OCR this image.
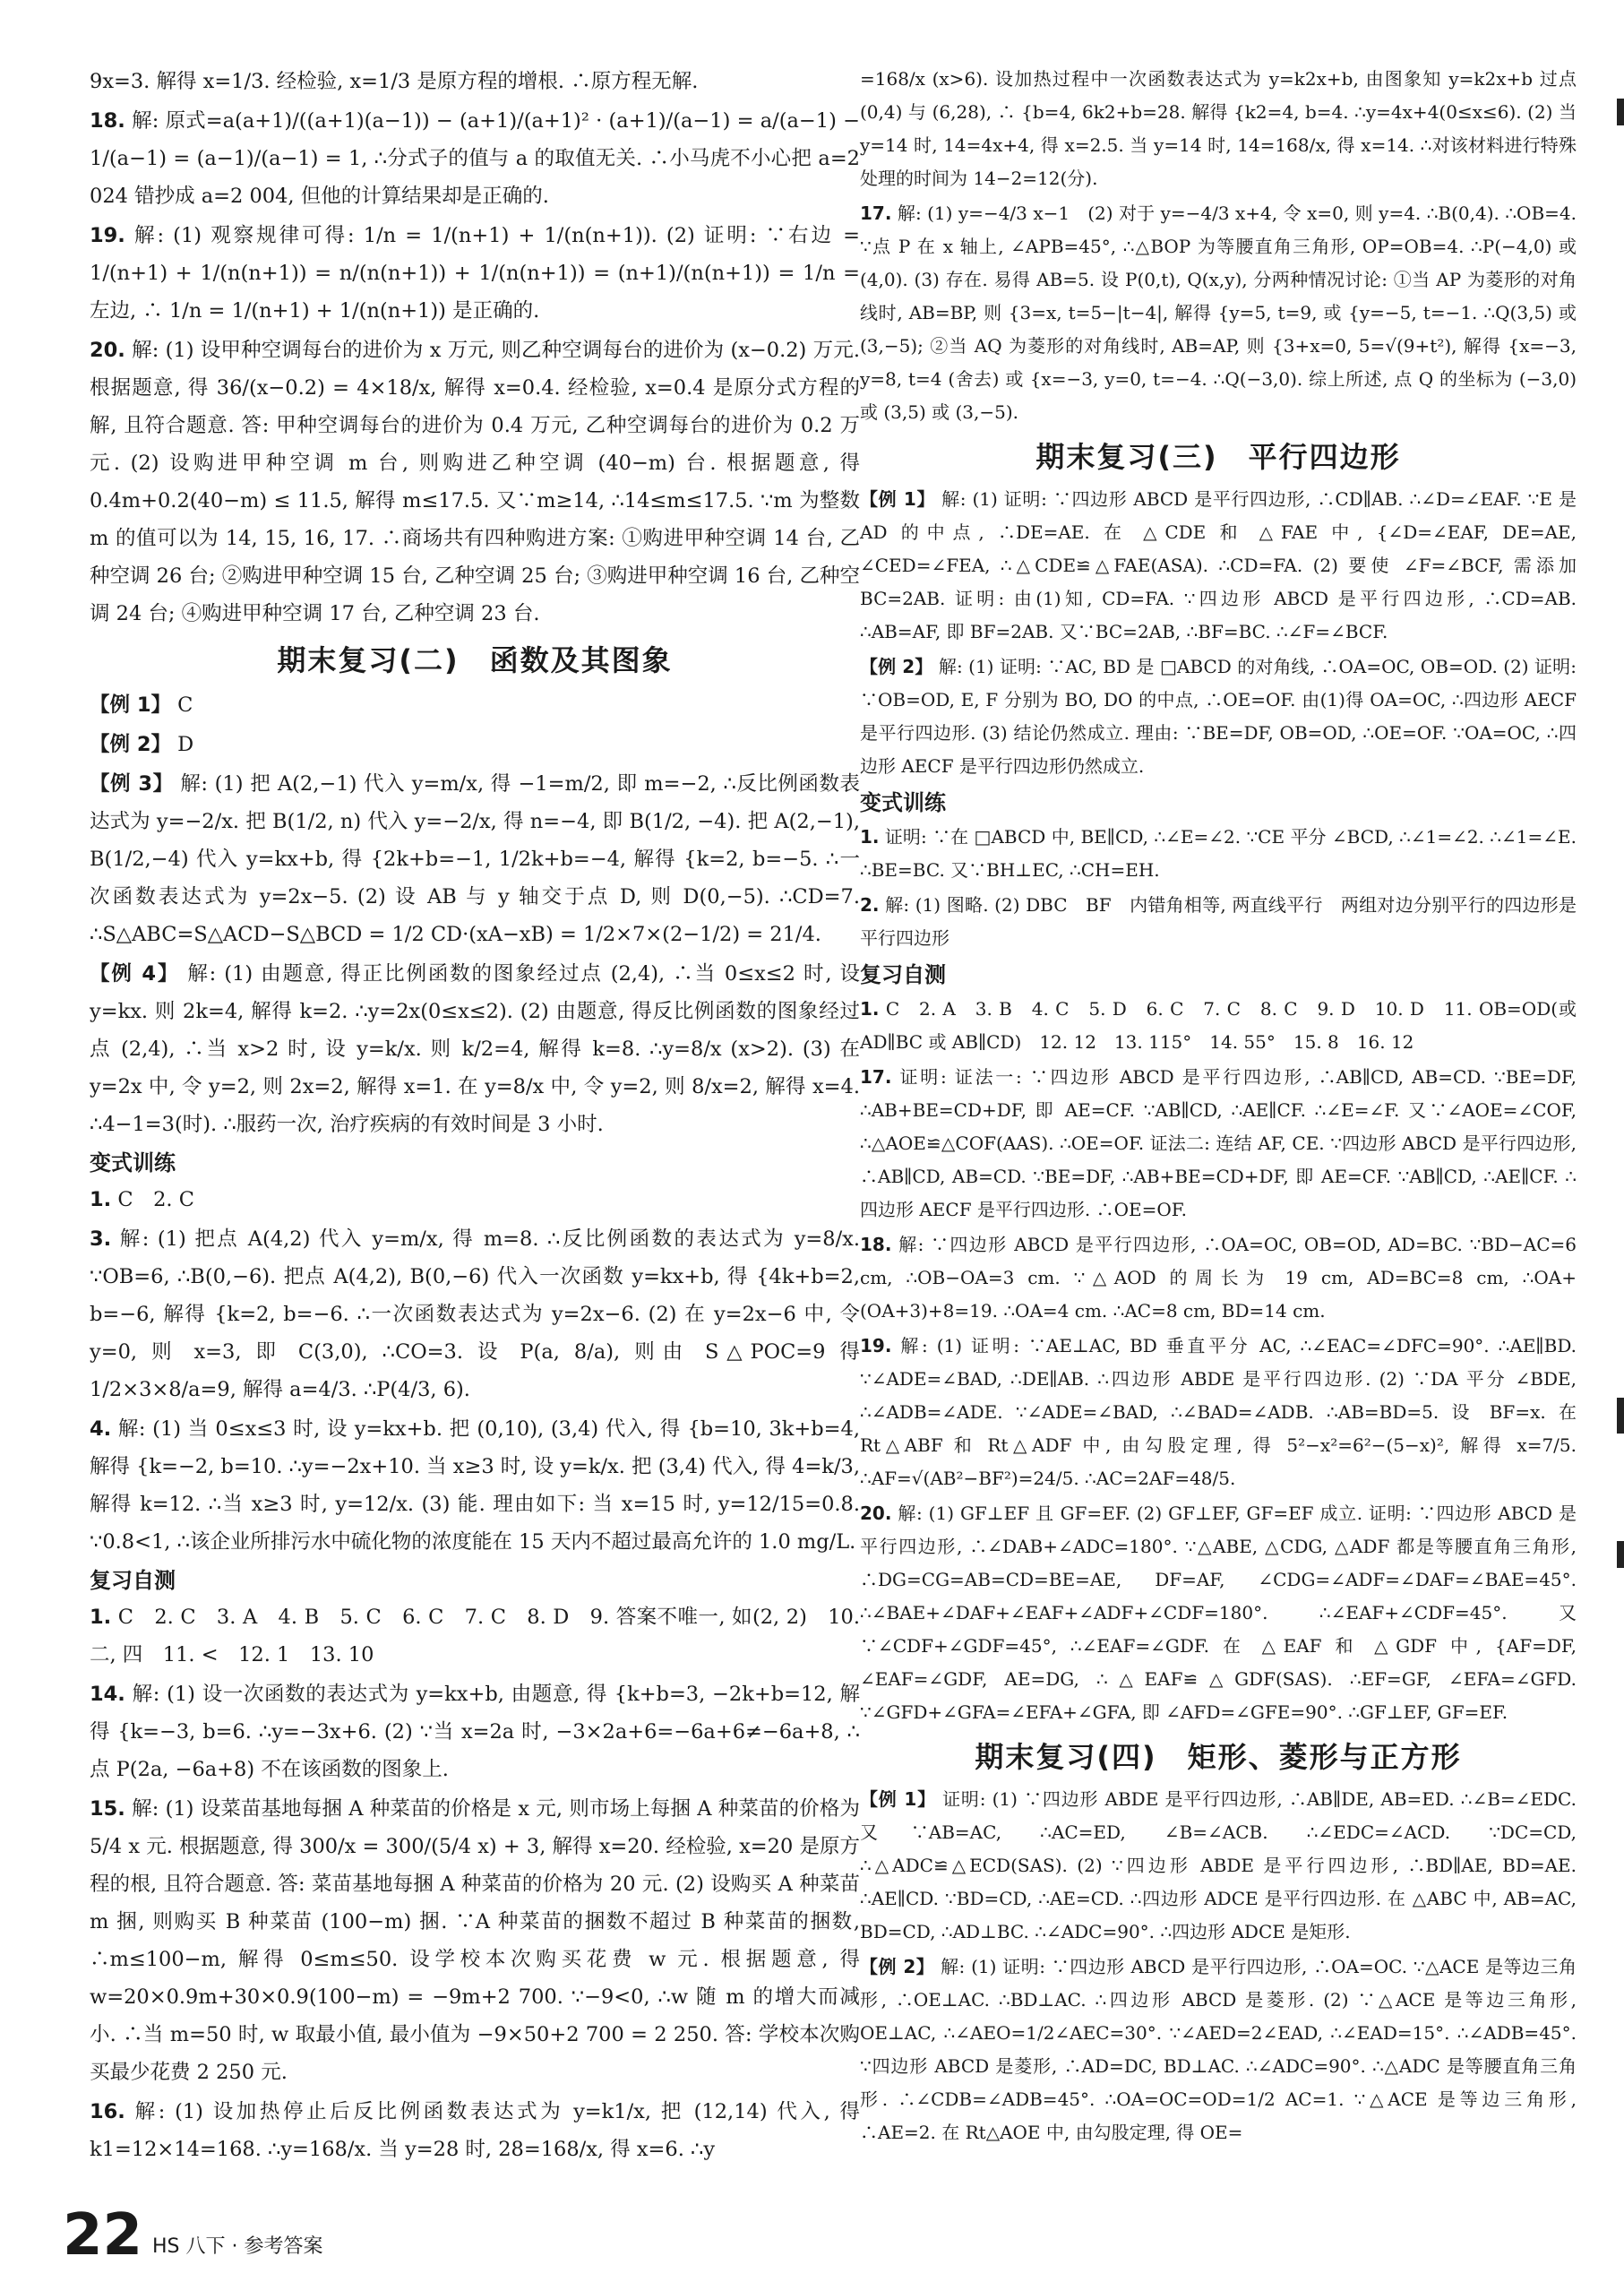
9x=3. 解得 x=1/3. 经检验, x=1/3 是原方程的增根. ∴原方程无解.
18. 解: 原式=a(a+1)/((a+1)(a−1)) − (a+1)/(a+1)² · (a+1)/(a−1) = a/(a−1) − 1/(a−1) = (a−1)/(a−1) = 1, ∴分式子的值与 a 的取值无关. ∴小马虎不小心把 a=2 024 错抄成 a=2 004, 但他的计算结果却是正确的.
19. 解: (1) 观察规律可得: 1/n = 1/(n+1) + 1/(n(n+1)). (2) 证明: ∵右边 = 1/(n+1) + 1/(n(n+1)) = n/(n(n+1)) + 1/(n(n+1)) = (n+1)/(n(n+1)) = 1/n = 左边, ∴ 1/n = 1/(n+1) + 1/(n(n+1)) 是正确的.
20. 解: (1) 设甲种空调每台的进价为 x 万元, 则乙种空调每台的进价为 (x−0.2) 万元. 根据题意, 得 36/(x−0.2) = 4×18/x, 解得 x=0.4. 经检验, x=0.4 是原分式方程的解, 且符合题意. 答: 甲种空调每台的进价为 0.4 万元, 乙种空调每台的进价为 0.2 万元. (2) 设购进甲种空调 m 台, 则购进乙种空调 (40−m) 台. 根据题意, 得 0.4m+0.2(40−m) ≤ 11.5, 解得 m≤17.5. 又∵m≥14, ∴14≤m≤17.5. ∵m 为整数 m 的值可以为 14, 15, 16, 17. ∴商场共有四种购进方案: ①购进甲种空调 14 台, 乙种空调 26 台; ②购进甲种空调 15 台, 乙种空调 25 台; ③购进甲种空调 16 台, 乙种空调 24 台; ④购进甲种空调 17 台, 乙种空调 23 台.
期末复习(二)　函数及其图象
【例 1】 C
【例 2】 D
【例 3】 解: (1) 把 A(2,−1) 代入 y=m/x, 得 −1=m/2, 即 m=−2, ∴反比例函数表达式为 y=−2/x. 把 B(1/2, n) 代入 y=−2/x, 得 n=−4, 即 B(1/2, −4). 把 A(2,−1), B(1/2,−4) 代入 y=kx+b, 得 {2k+b=−1, 1/2k+b=−4, 解得 {k=2, b=−5. ∴一次函数表达式为 y=2x−5. (2) 设 AB 与 y 轴交于点 D, 则 D(0,−5). ∴CD=7. ∴S△ABC=S△ACD−S△BCD = 1/2 CD·(xA−xB) = 1/2×7×(2−1/2) = 21/4.
【例 4】 解: (1) 由题意, 得正比例函数的图象经过点 (2,4), ∴当 0≤x≤2 时, 设 y=kx. 则 2k=4, 解得 k=2. ∴y=2x(0≤x≤2). (2) 由题意, 得反比例函数的图象经过点 (2,4), ∴当 x>2 时, 设 y=k/x. 则 k/2=4, 解得 k=8. ∴y=8/x (x>2). (3) 在 y=2x 中, 令 y=2, 则 2x=2, 解得 x=1. 在 y=8/x 中, 令 y=2, 则 8/x=2, 解得 x=4. ∴4−1=3(时). ∴服药一次, 治疗疾病的有效时间是 3 小时.
变式训练
1. C　2. C
3. 解: (1) 把点 A(4,2) 代入 y=m/x, 得 m=8. ∴反比例函数的表达式为 y=8/x. ∵OB=6, ∴B(0,−6). 把点 A(4,2), B(0,−6) 代入一次函数 y=kx+b, 得 {4k+b=2, b=−6, 解得 {k=2, b=−6. ∴一次函数表达式为 y=2x−6. (2) 在 y=2x−6 中, 令 y=0, 则 x=3, 即 C(3,0), ∴CO=3. 设 P(a, 8/a), 则由 S△POC=9 得 1/2×3×8/a=9, 解得 a=4/3. ∴P(4/3, 6).
4. 解: (1) 当 0≤x≤3 时, 设 y=kx+b. 把 (0,10), (3,4) 代入, 得 {b=10, 3k+b=4, 解得 {k=−2, b=10. ∴y=−2x+10. 当 x≥3 时, 设 y=k/x. 把 (3,4) 代入, 得 4=k/3, 解得 k=12. ∴当 x≥3 时, y=12/x. (3) 能. 理由如下: 当 x=15 时, y=12/15=0.8. ∵0.8<1, ∴该企业所排污水中硫化物的浓度能在 15 天内不超过最高允许的 1.0 mg/L.
复习自测
1. C　2. C　3. A　4. B　5. C　6. C　7. C　8. D　9. 答案不唯一, 如(2, 2)　10. 二, 四　11. <　12. 1　13. 10
14. 解: (1) 设一次函数的表达式为 y=kx+b, 由题意, 得 {k+b=3, −2k+b=12, 解得 {k=−3, b=6. ∴y=−3x+6. (2) ∵当 x=2a 时, −3×2a+6=−6a+6≠−6a+8, ∴点 P(2a, −6a+8) 不在该函数的图象上.
15. 解: (1) 设菜苗基地每捆 A 种菜苗的价格是 x 元, 则市场上每捆 A 种菜苗的价格为 5/4 x 元. 根据题意, 得 300/x = 300/(5/4 x) + 3, 解得 x=20. 经检验, x=20 是原方程的根, 且符合题意. 答: 菜苗基地每捆 A 种菜苗的价格为 20 元. (2) 设购买 A 种菜苗 m 捆, 则购买 B 种菜苗 (100−m) 捆. ∵A 种菜苗的捆数不超过 B 种菜苗的捆数, ∴m≤100−m, 解得 0≤m≤50. 设学校本次购买花费 w 元. 根据题意, 得 w=20×0.9m+30×0.9(100−m) = −9m+2 700. ∵−9<0, ∴w 随 m 的增大而减小. ∴当 m=50 时, w 取最小值, 最小值为 −9×50+2 700 = 2 250. 答: 学校本次购买最少花费 2 250 元.
16. 解: (1) 设加热停止后反比例函数表达式为 y=k1/x, 把 (12,14) 代入, 得 k1=12×14=168. ∴y=168/x. 当 y=28 时, 28=168/x, 得 x=6. ∴y
=168/x (x>6). 设加热过程中一次函数表达式为 y=k2x+b, 由图象知 y=k2x+b 过点 (0,4) 与 (6,28), ∴ {b=4, 6k2+b=28. 解得 {k2=4, b=4. ∴y=4x+4(0≤x≤6). (2) 当 y=14 时, 14=4x+4, 得 x=2.5. 当 y=14 时, 14=168/x, 得 x=14. ∴对该材料进行特殊处理的时间为 14−2=12(分).
17. 解: (1) y=−4/3 x−1　(2) 对于 y=−4/3 x+4, 令 x=0, 则 y=4. ∴B(0,4). ∴OB=4. ∵点 P 在 x 轴上, ∠APB=45°, ∴△BOP 为等腰直角三角形, OP=OB=4. ∴P(−4,0) 或 (4,0). (3) 存在. 易得 AB=5. 设 P(0,t), Q(x,y), 分两种情况讨论: ①当 AP 为菱形的对角线时, AB=BP, 则 {3=x, t=5−|t−4|, 解得 {y=5, t=9, 或 {y=−5, t=−1. ∴Q(3,5) 或 (3,−5); ②当 AQ 为菱形的对角线时, AB=AP, 则 {3+x=0, 5=√(9+t²), 解得 {x=−3, y=8, t=4 (舍去) 或 {x=−3, y=0, t=−4. ∴Q(−3,0). 综上所述, 点 Q 的坐标为 (−3,0) 或 (3,5) 或 (3,−5).
期末复习(三)　平行四边形
【例 1】 解: (1) 证明: ∵四边形 ABCD 是平行四边形, ∴CD∥AB. ∴∠D=∠EAF. ∵E 是 AD 的中点, ∴DE=AE. 在 △CDE 和 △FAE 中, {∠D=∠EAF, DE=AE, ∠CED=∠FEA, ∴△CDE≌△FAE(ASA). ∴CD=FA. (2) 要使 ∠F=∠BCF, 需添加 BC=2AB. 证明: 由(1)知, CD=FA. ∵四边形 ABCD 是平行四边形, ∴CD=AB. ∴AB=AF, 即 BF=2AB. 又∵BC=2AB, ∴BF=BC. ∴∠F=∠BCF.
【例 2】 解: (1) 证明: ∵AC, BD 是 □ABCD 的对角线, ∴OA=OC, OB=OD. (2) 证明: ∵OB=OD, E, F 分别为 BO, DO 的中点, ∴OE=OF. 由(1)得 OA=OC, ∴四边形 AECF 是平行四边形. (3) 结论仍然成立. 理由: ∵BE=DF, OB=OD, ∴OE=OF. ∵OA=OC, ∴四边形 AECF 是平行四边形仍然成立.
变式训练
1. 证明: ∵在 □ABCD 中, BE∥CD, ∴∠E=∠2. ∵CE 平分 ∠BCD, ∴∠1=∠2. ∴∠1=∠E. ∴BE=BC. 又∵BH⊥EC, ∴CH=EH.
2. 解: (1) 图略. (2) DBC　BF　内错角相等, 两直线平行　两组对边分别平行的四边形是平行四边形
复习自测
1. C　2. A　3. B　4. C　5. D　6. C　7. C　8. C　9. D　10. D　11. OB=OD(或 AD∥BC 或 AB∥CD)　12. 12　13. 115°　14. 55°　15. 8　16. 12
17. 证明: 证法一: ∵四边形 ABCD 是平行四边形, ∴AB∥CD, AB=CD. ∵BE=DF, ∴AB+BE=CD+DF, 即 AE=CF. ∵AB∥CD, ∴AE∥CF. ∴∠E=∠F. 又∵∠AOE=∠COF, ∴△AOE≌△COF(AAS). ∴OE=OF. 证法二: 连结 AF, CE. ∵四边形 ABCD 是平行四边形, ∴AB∥CD, AB=CD. ∵BE=DF, ∴AB+BE=CD+DF, 即 AE=CF. ∵AB∥CD, ∴AE∥CF. ∴四边形 AECF 是平行四边形. ∴OE=OF.
18. 解: ∵四边形 ABCD 是平行四边形, ∴OA=OC, OB=OD, AD=BC. ∵BD−AC=6 cm, ∴OB−OA=3 cm. ∵△AOD 的周长为 19 cm, AD=BC=8 cm, ∴OA+(OA+3)+8=19. ∴OA=4 cm. ∴AC=8 cm, BD=14 cm.
19. 解: (1) 证明: ∵AE⊥AC, BD 垂直平分 AC, ∴∠EAC=∠DFC=90°. ∴AE∥BD. ∵∠ADE=∠BAD, ∴DE∥AB. ∴四边形 ABDE 是平行四边形. (2) ∵DA 平分 ∠BDE, ∴∠ADB=∠ADE. ∵∠ADE=∠BAD, ∴∠BAD=∠ADB. ∴AB=BD=5. 设 BF=x. 在 Rt△ABF 和 Rt△ADF 中, 由勾股定理, 得 5²−x²=6²−(5−x)², 解得 x=7/5. ∴AF=√(AB²−BF²)=24/5. ∴AC=2AF=48/5.
20. 解: (1) GF⊥EF 且 GF=EF. (2) GF⊥EF, GF=EF 成立. 证明: ∵四边形 ABCD 是平行四边形, ∴∠DAB+∠ADC=180°. ∵△ABE, △CDG, △ADF 都是等腰直角三角形, ∴DG=CG=AB=CD=BE=AE, DF=AF, ∠CDG=∠ADF=∠DAF=∠BAE=45°. ∴∠BAE+∠DAF+∠EAF+∠ADF+∠CDF=180°. ∴∠EAF+∠CDF=45°. 又∵∠CDF+∠GDF=45°, ∴∠EAF=∠GDF. 在 △EAF 和 △GDF 中, {AF=DF, ∠EAF=∠GDF, AE=DG, ∴△EAF≌△GDF(SAS). ∴EF=GF, ∠EFA=∠GFD. ∵∠GFD+∠GFA=∠EFA+∠GFA, 即 ∠AFD=∠GFE=90°. ∴GF⊥EF, GF=EF.
期末复习(四)　矩形、菱形与正方形
【例 1】 证明: (1) ∵四边形 ABDE 是平行四边形, ∴AB∥DE, AB=ED. ∴∠B=∠EDC. 又∵AB=AC, ∴AC=ED, ∠B=∠ACB. ∴∠EDC=∠ACD. ∵DC=CD, ∴△ADC≌△ECD(SAS). (2) ∵四边形 ABDE 是平行四边形, ∴BD∥AE, BD=AE. ∴AE∥CD. ∵BD=CD, ∴AE=CD. ∴四边形 ADCE 是平行四边形. 在 △ABC 中, AB=AC, BD=CD, ∴AD⊥BC. ∴∠ADC=90°. ∴四边形 ADCE 是矩形.
【例 2】 解: (1) 证明: ∵四边形 ABCD 是平行四边形, ∴OA=OC. ∵△ACE 是等边三角形, ∴OE⊥AC. ∴BD⊥AC. ∴四边形 ABCD 是菱形. (2) ∵△ACE 是等边三角形, OE⊥AC, ∴∠AEO=1/2∠AEC=30°. ∵∠AED=2∠EAD, ∴∠EAD=15°. ∴∠ADB=45°. ∵四边形 ABCD 是菱形, ∴AD=DC, BD⊥AC. ∴∠ADC=90°. ∴△ADC 是等腰直角三角形. ∴∠CDB=∠ADB=45°. ∴OA=OC=OD=1/2 AC=1. ∵△ACE 是等边三角形, ∴AE=2. 在 Rt△AOE 中, 由勾股定理, 得 OE=
22 HS 八下 · 参考答案
